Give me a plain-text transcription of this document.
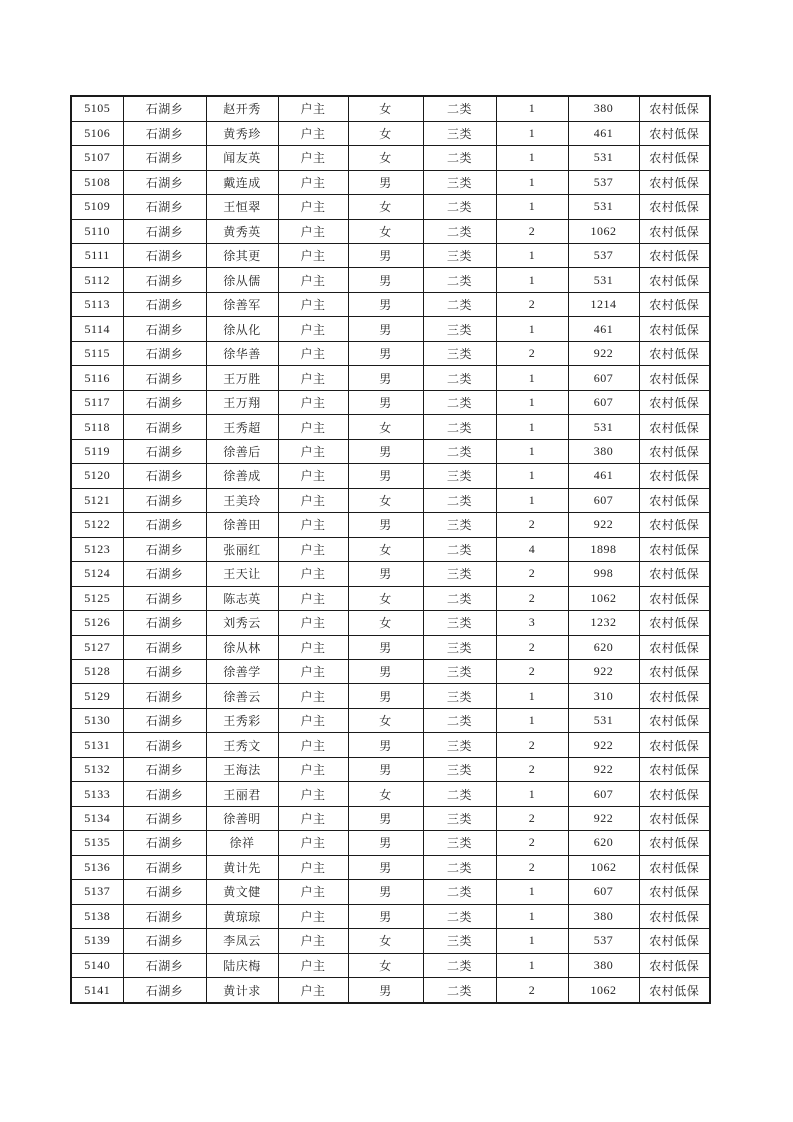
5105	石湖乡	赵开秀	户主	女	二类	1	380	农村低保
5106	石湖乡	黄秀珍	户主	女	三类	1	461	农村低保
5107	石湖乡	闻友英	户主	女	二类	1	531	农村低保
5108	石湖乡	戴连成	户主	男	三类	1	537	农村低保
5109	石湖乡	王恒翠	户主	女	二类	1	531	农村低保
5110	石湖乡	黄秀英	户主	女	二类	2	1062	农村低保
5111	石湖乡	徐其更	户主	男	三类	1	537	农村低保
5112	石湖乡	徐从儒	户主	男	二类	1	531	农村低保
5113	石湖乡	徐善军	户主	男	二类	2	1214	农村低保
5114	石湖乡	徐从化	户主	男	三类	1	461	农村低保
5115	石湖乡	徐华善	户主	男	三类	2	922	农村低保
5116	石湖乡	王万胜	户主	男	二类	1	607	农村低保
5117	石湖乡	王万翔	户主	男	二类	1	607	农村低保
5118	石湖乡	王秀超	户主	女	二类	1	531	农村低保
5119	石湖乡	徐善后	户主	男	二类	1	380	农村低保
5120	石湖乡	徐善成	户主	男	三类	1	461	农村低保
5121	石湖乡	王美玲	户主	女	二类	1	607	农村低保
5122	石湖乡	徐善田	户主	男	三类	2	922	农村低保
5123	石湖乡	张丽红	户主	女	二类	4	1898	农村低保
5124	石湖乡	王天让	户主	男	三类	2	998	农村低保
5125	石湖乡	陈志英	户主	女	二类	2	1062	农村低保
5126	石湖乡	刘秀云	户主	女	三类	3	1232	农村低保
5127	石湖乡	徐从林	户主	男	三类	2	620	农村低保
5128	石湖乡	徐善学	户主	男	三类	2	922	农村低保
5129	石湖乡	徐善云	户主	男	三类	1	310	农村低保
5130	石湖乡	王秀彩	户主	女	二类	1	531	农村低保
5131	石湖乡	王秀文	户主	男	三类	2	922	农村低保
5132	石湖乡	王海法	户主	男	三类	2	922	农村低保
5133	石湖乡	王丽君	户主	女	二类	1	607	农村低保
5134	石湖乡	徐善明	户主	男	三类	2	922	农村低保
5135	石湖乡	徐祥	户主	男	三类	2	620	农村低保
5136	石湖乡	黄计先	户主	男	二类	2	1062	农村低保
5137	石湖乡	黄文健	户主	男	二类	1	607	农村低保
5138	石湖乡	黄琼琼	户主	男	二类	1	380	农村低保
5139	石湖乡	李凤云	户主	女	三类	1	537	农村低保
5140	石湖乡	陆庆梅	户主	女	二类	1	380	农村低保
5141	石湖乡	黄计求	户主	男	二类	2	1062	农村低保
